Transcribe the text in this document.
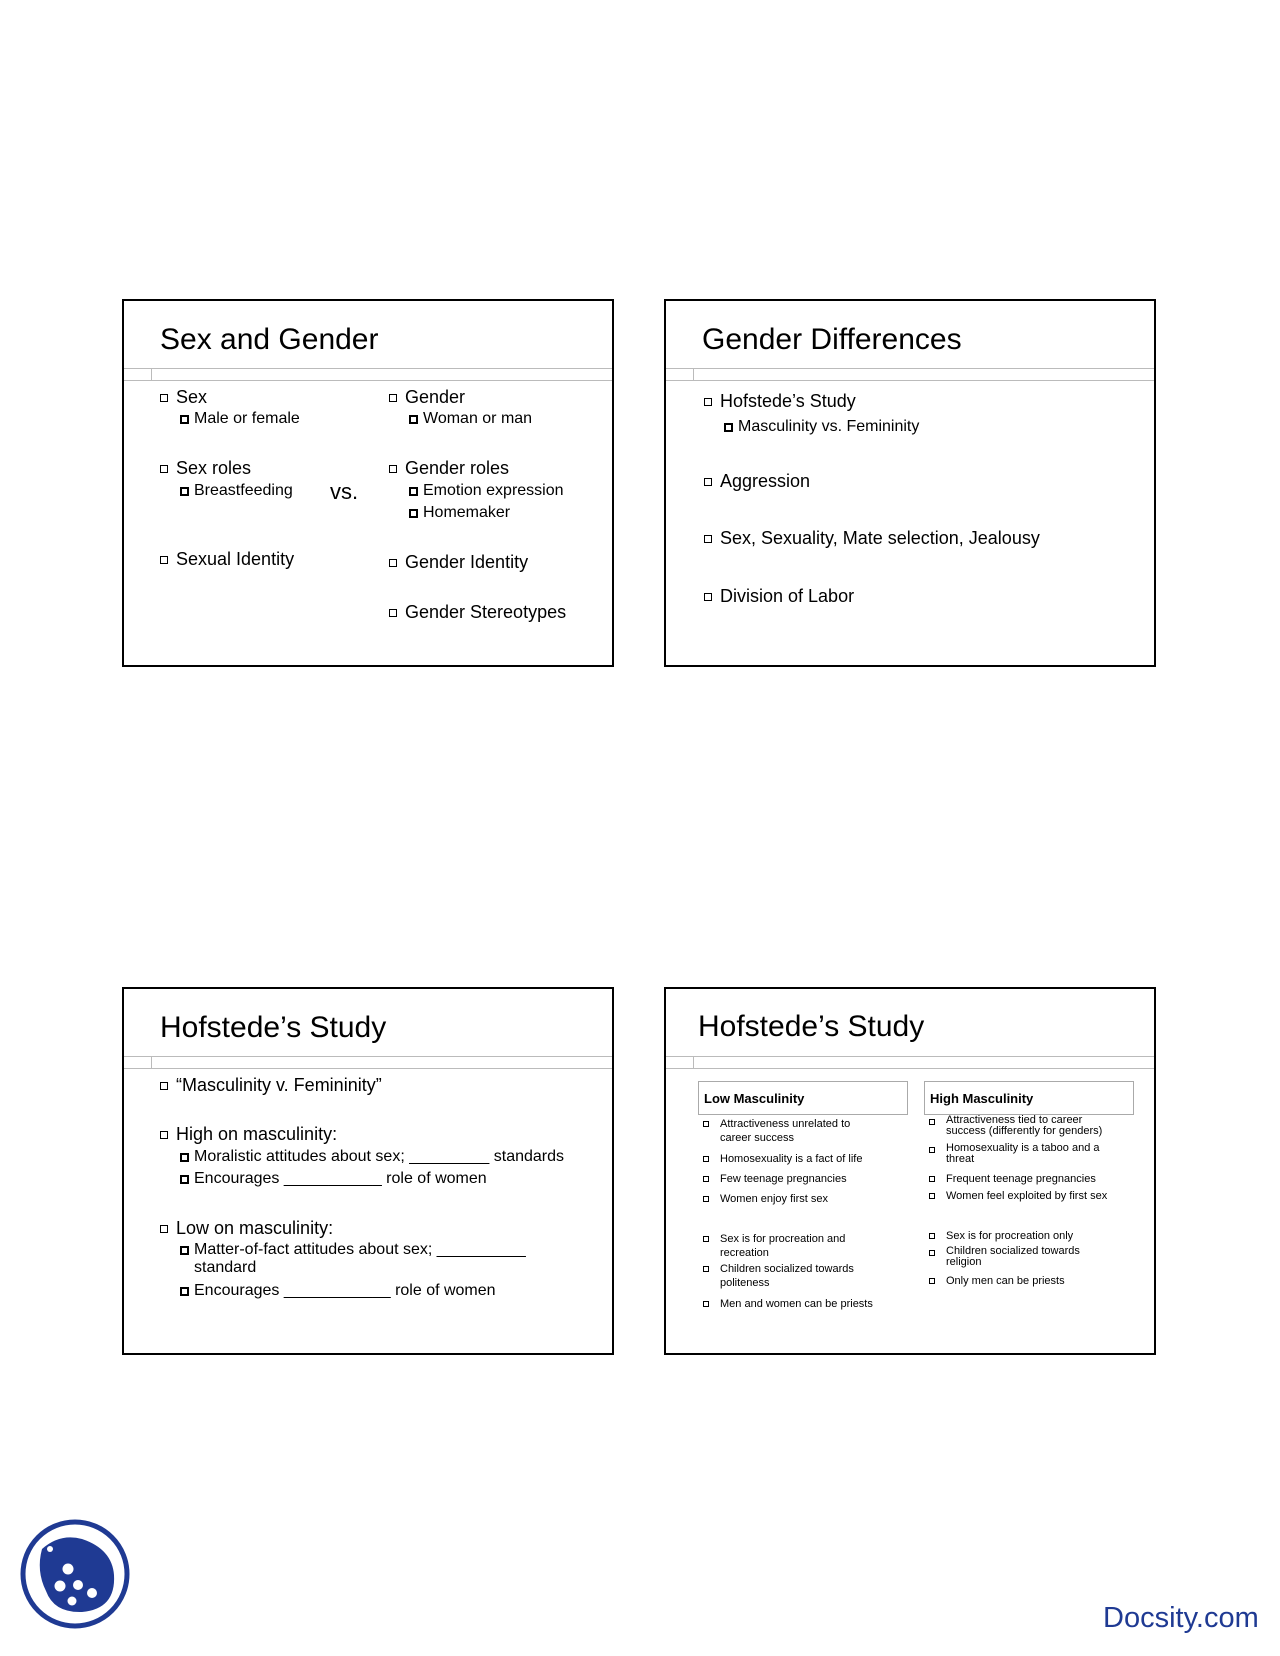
Sex and Gender
Sex
Male or female
Sex roles
Breastfeeding
Sexual Identity
vs.
Gender
Woman or man
Gender roles
Emotion expression
Homemaker
Gender Identity
Gender Stereotypes
Gender Differences
Hofstede’s Study
Masculinity vs. Femininity
Aggression
Sex, Sexuality, Mate selection, Jealousy
Division of Labor
Hofstede’s Study
“Masculinity v. Femininity”
High on masculinity:
Moralistic attitudes about sex; _________ standards
Encourages ___________ role of women
Low on masculinity:
Matter-of-fact attitudes about sex; __________
standard
Encourages ____________ role of women
Hofstede’s Study
Low Masculinity	High Masculinity
Attractiveness unrelated to
career success
Homosexuality is a fact of life
Few teenage pregnancies
Women enjoy first sex
Sex is for procreation and
recreation
Children socialized towards
politeness
Men and women can be priests
Attractiveness tied to career
success (differently for genders)
Homosexuality is a taboo and a
threat
Frequent teenage pregnancies
Women feel exploited by first sex
Sex is for procreation only
Children socialized towards
religion
Only men can be priests
Docsity.com
